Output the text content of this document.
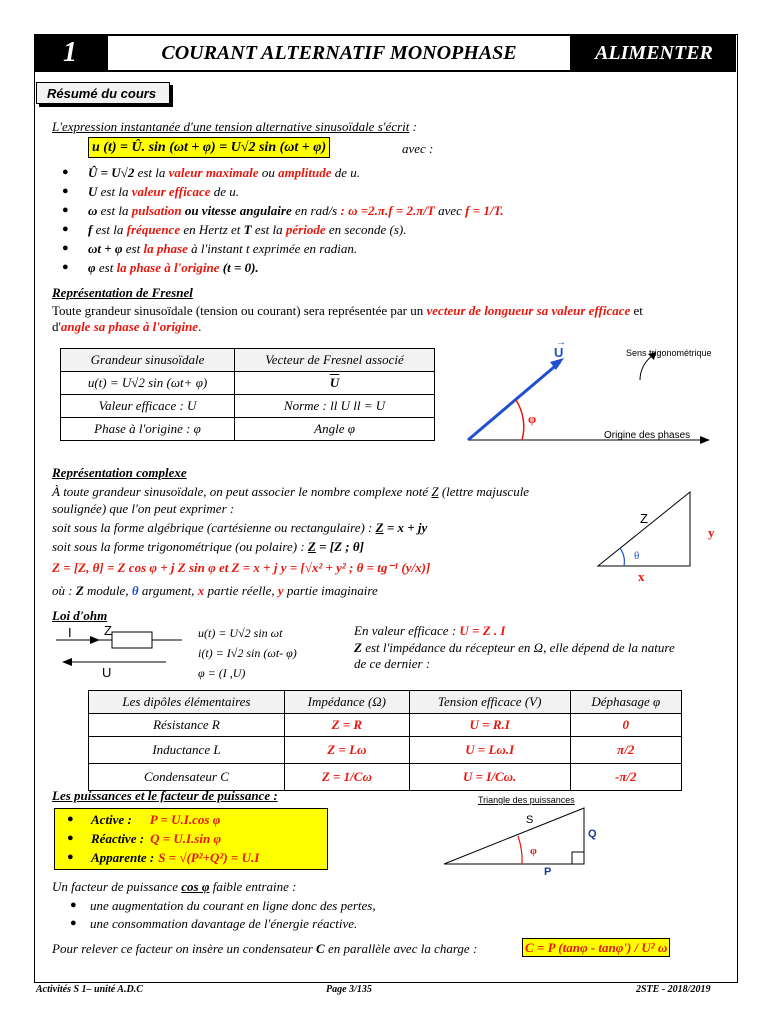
1	COURANT ALTERNATIF MONOPHASE	ALIMENTER
Résumé du cours
L'expression instantanée d'une tension alternative sinusoïdale s'écrit :
u (t) = Û. sin (ωt + φ) = U√2 sin (ωt + φ)	avec :
● Û = U√2 est la valeur maximale ou amplitude de u.
● U est la valeur efficace de u.
● ω est la pulsation ou vitesse angulaire en rad/s : ω =2.π.f = 2.π/T avec f = 1/T.
● f est la fréquence en Hertz et T est la période en seconde (s).
● ωt + φ est la phase à l'instant t exprimée en radian.
● φ est la phase à l'origine (t = 0).
Représentation de Fresnel
Toute grandeur sinusoïdale (tension ou courant) sera représentée par un vecteur de longueur sa valeur efficace et
d'angle sa phase à l'origine.
Grandeur sinusoïdale	Vecteur de Fresnel associé
u(t) = U√2 sin (ωt+ φ)	$\overline{U}$
Valeur efficace : U	Norme : ll U ll = U
Phase à l'origine : φ	Angle φ
U
→
φ
Sens trigonométrique
Origine des phases
Représentation complexe
À toute grandeur sinusoïdale, on peut associer le nombre complexe noté Z (lettre majuscule
soulignée) que l'on peut exprimer :
soit sous la forme algébrique (cartésienne ou rectangulaire) : Z = x + jy
soit sous la forme trigonométrique (ou polaire) : Z = [Z ; θ]
Z = [Z, θ] = Z cos φ + j Z sin φ et Z = x + j y = [√x² + y² ; θ = tg⁻¹ (y/x)]
où : Z module, θ argument, x partie réelle, y partie imaginaire
Z
y
x
θ
Loi d'ohm
I Z
U
u(t) = U√2 sin ωt
i(t) = I√2 sin (ωt- φ)
φ = (I ,U)
En valeur efficace : U = Z . I
Z est l'impédance du récepteur en Ω, elle dépend de la nature
de ce dernier :
Les dipôles élémentaires	Impédance (Ω)	Tension efficace (V)	Déphasage φ
Résistance R	Z = R	U = R.I	0
Inductance L	Z = Lω	U = Lω.I	π/2
Condensateur C	Z = 1/Cω	U = I/Cω.	-π/2
Les puissances et le facteur de puissance :
● Active : P = U.I.cos φ
● Réactive : Q = U.I.sin φ
● Apparente : S = √(P²+Q²) = U.I
Triangle des puissances
S
Q
P
φ
Un facteur de puissance cos φ faible entraine :
● une augmentation du courant en ligne donc des pertes,
● une consommation davantage de l'énergie réactive.
Pour relever ce facteur on insère un condensateur C en parallèle avec la charge :	C = P (tanφ - tanφ') / U² ω
Activités S 1– unité A.D.C	Page 3/135	2STE - 2018/2019
